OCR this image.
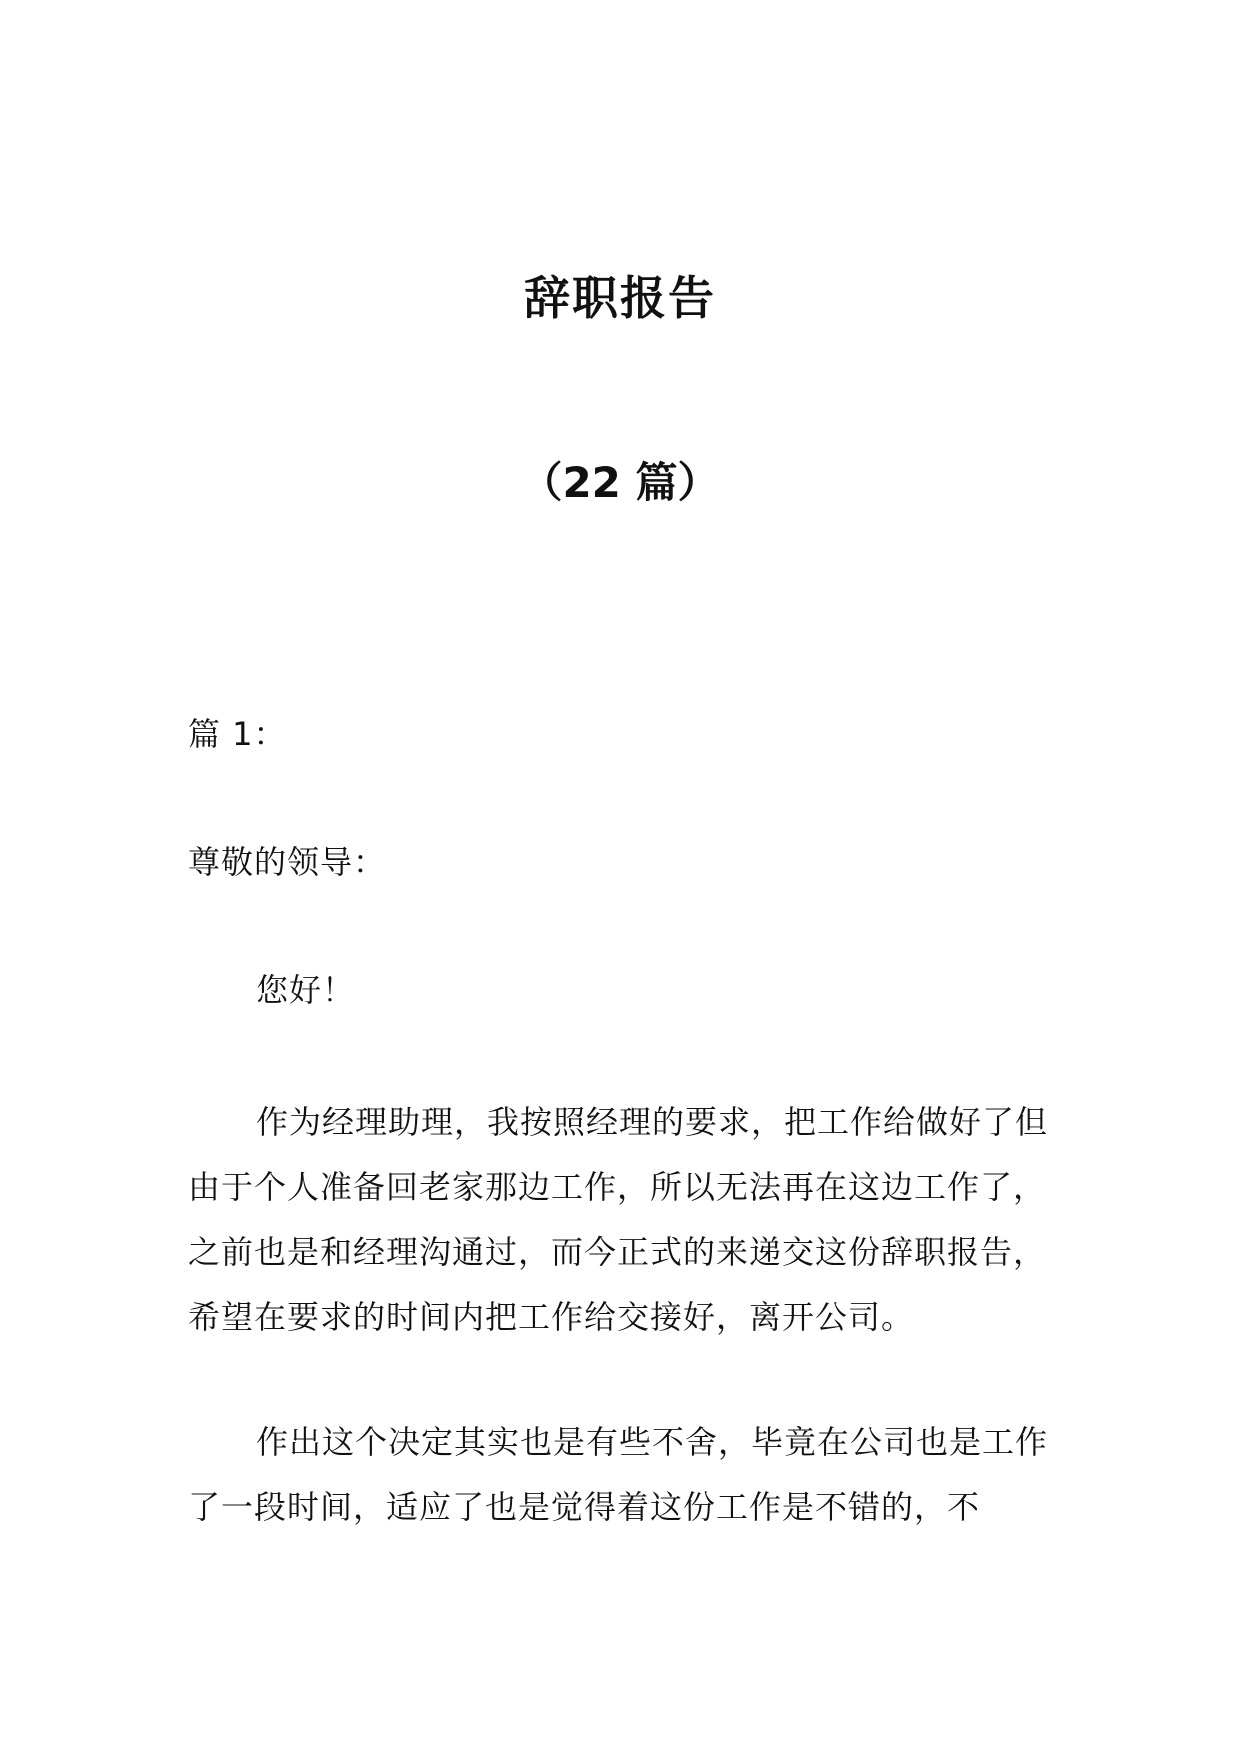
辞职报告
（22 篇）
篇 1：
尊敬的领导：
您好！
作为经理助理，我按照经理的要求，把工作给做好了但由于个人准备回老家那边工作，所以无法再在这边工作了，之前也是和经理沟通过，而今正式的来递交这份辞职报告，希望在要求的时间内把工作给交接好，离开公司。
作出这个决定其实也是有些不舍，毕竟在公司也是工作了一段时间，适应了也是觉得着这份工作是不错的，不
